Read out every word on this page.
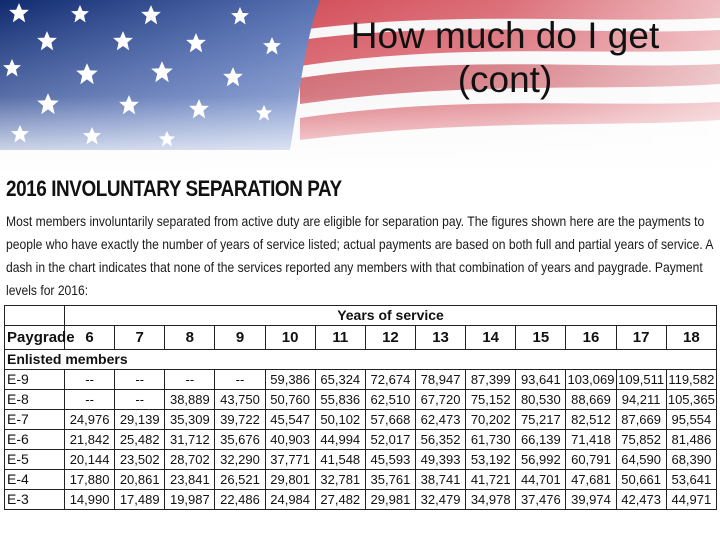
How much do I get
(cont)
2016 INVOLUNTARY SEPARATION PAY
Most members involuntarily separated from active duty are eligible for separation pay. The figures shown here are the payments to people who have exactly the number of years of service listed; actual payments are based on both full and partial years of service. A dash in the chart indicates that none of the services reported any members with that combination of years and paygrade. Payment levels for 2016:
	Years of service												
Paygrade	6	7	8	9	10	11	12	13	14	15	16	17	18
Enlisted members													
E-9	--	--	--	--	59,386	65,324	72,674	78,947	87,399	93,641	103,069	109,511	119,582
E-8	--	--	38,889	43,750	50,760	55,836	62,510	67,720	75,152	80,530	88,669	94,211	105,365
E-7	24,976	29,139	35,309	39,722	45,547	50,102	57,668	62,473	70,202	75,217	82,512	87,669	95,554
E-6	21,842	25,482	31,712	35,676	40,903	44,994	52,017	56,352	61,730	66,139	71,418	75,852	81,486
E-5	20,144	23,502	28,702	32,290	37,771	41,548	45,593	49,393	53,192	56,992	60,791	64,590	68,390
E-4	17,880	20,861	23,841	26,521	29,801	32,781	35,761	38,741	41,721	44,701	47,681	50,661	53,641
E-3	14,990	17,489	19,987	22,486	24,984	27,482	29,981	32,479	34,978	37,476	39,974	42,473	44,971
